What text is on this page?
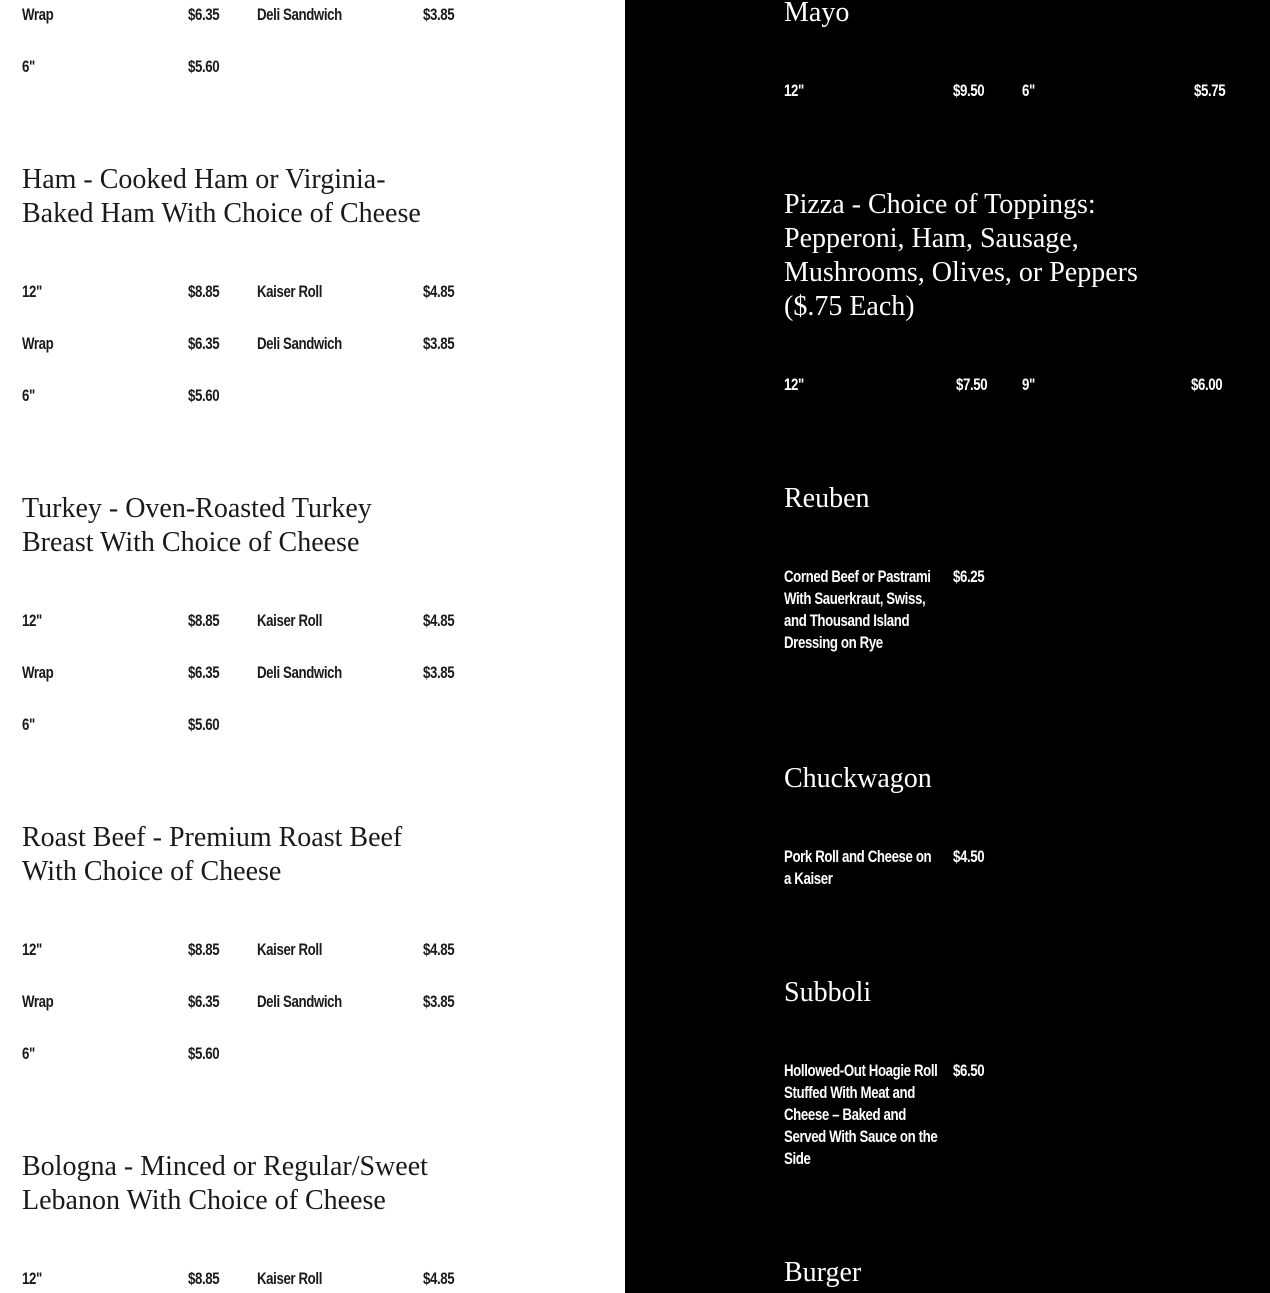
Wrap	$6.35 Deli Sandwich	$3.85
6"	$5.60
Ham - Cooked Ham or Virginia-
Baked Ham With Choice of Cheese
12"	$8.85 Kaiser Roll	$4.85
Wrap	$6.35 Deli Sandwich	$3.85
6"	$5.60
Turkey - Oven-Roasted Turkey
Breast With Choice of Cheese
12"	$8.85 Kaiser Roll	$4.85
Wrap	$6.35 Deli Sandwich	$3.85
6"	$5.60
Roast Beef - Premium Roast Beef
With Choice of Cheese
12"	$8.85 Kaiser Roll	$4.85
Wrap	$6.35 Deli Sandwich	$3.85
6"	$5.60
Bologna - Minced or Regular/Sweet
Lebanon With Choice of Cheese
12"	$8.85 Kaiser Roll	$4.85
Mayo
12"	$9.50 6"	$5.75
Pizza - Choice of Toppings:
Pepperoni, Ham, Sausage,
Mushrooms, Olives, or Peppers
($.75 Each)
12"	$7.50 9"	$6.00
Reuben
Corned Beef or Pastrami With Sauerkraut, Swiss, and Thousand Island Dressing on Rye
$6.25
Chuckwagon
Pork Roll and Cheese on a Kaiser
$4.50
Subboli
Hollowed-Out Hoagie Roll Stuffed With Meat and Cheese – Baked and Served With Sauce on the Side
$6.50
Burger
